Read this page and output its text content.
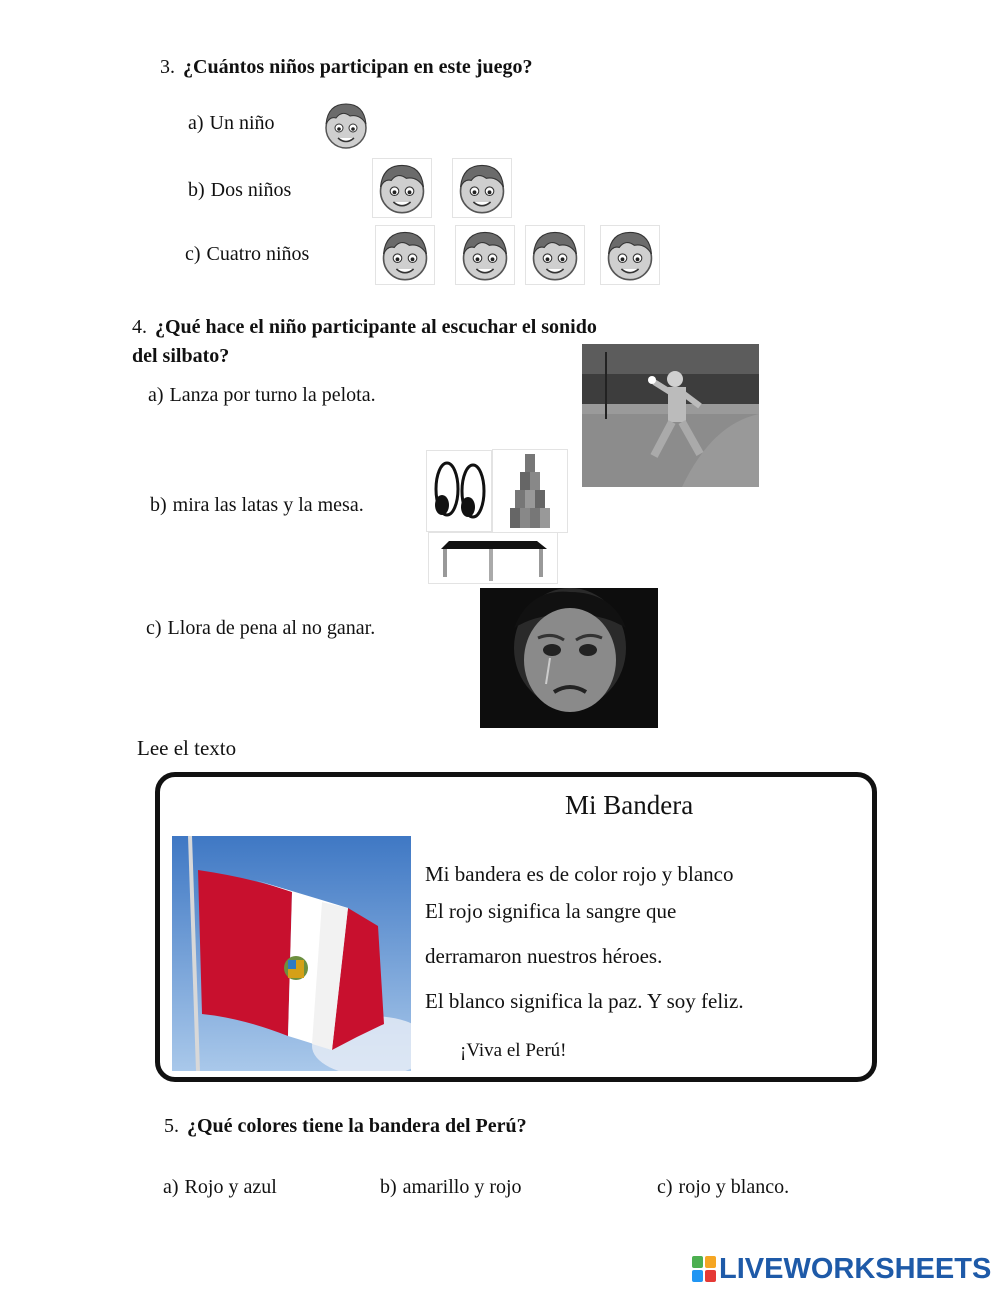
3. ¿Cuántos niños participan en este juego?
a) Un niño
b) Dos niños
c) Cuatro niños
4. ¿Qué hace el niño participante al escuchar el sonido
del silbato?
a) Lanza por turno la pelota.
b) mira las latas y la mesa.
c) Llora de pena al no ganar.
Lee el texto
Mi Bandera
Mi bandera es de color rojo y blanco
El rojo significa la sangre que
derramaron nuestros héroes.
El blanco significa la paz. Y soy feliz.
¡Viva el Perú!
5. ¿Qué colores tiene la bandera del Perú?
a) Rojo y azul	b) amarillo y rojo	c) rojo y blanco.
LIVEWORKSHEETS
